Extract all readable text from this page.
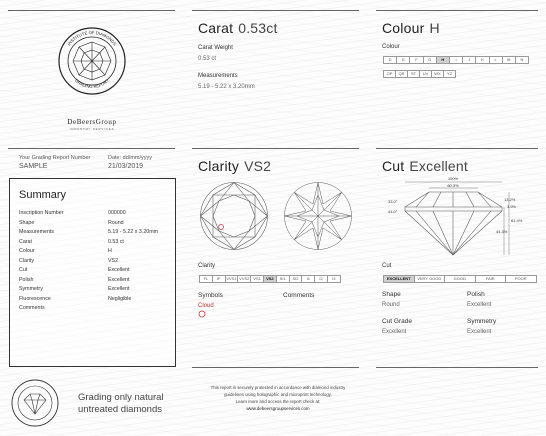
INSTITUTE OF DIAMONDS
GRADING REPORT
DeBeersGroup
INDUSTRY SERVICES
Your Grading Report Number
SAMPLE
Date: dd/mm/yyyy
21/03/2019
Summary
Inscription Number	000000
Shape	Round
Measurements	5.19 - 5.22 x 3.20mm
Carat	0.53 ct
Colour	H
Clarity	VS2
Cut	Excellent
Polish	Excellent
Symmetry	Excellent
Fluorescence	Negligible
Comments
Grading only natural
untreated diamonds
This report is securely protected in accordance with diamond industry
guidelines using holographic and microprint technology.
Learn more and access the report check at:
www.debeersgroupservices.com
Carat 0.53ct
Carat Weight
0.53 ct
Measurements
5.19 - 5.22 x 3.20mm
Clarity VS2
Clarity
FL	IF	VVS1 VVS2 VS1	VS2	SI1	SI2	I1	I2	I3
Symbols
Cloud
Comments
Colour H
Colour
D	E	F	G	H	I	J	K	L	M	N
OP	QR	ST	UV	WX	YZ
Cut Excellent
100%
60.3%
33.0°
41.0°
13.2%
3.9%
61.4%
44.3%
Cut
EXCELLENT	VERY GOOD	GOOD	FAIR	POOR
Shape
Round
Polish
Excellent
Cut Grade
Excellent
Symmetry
Excellent
